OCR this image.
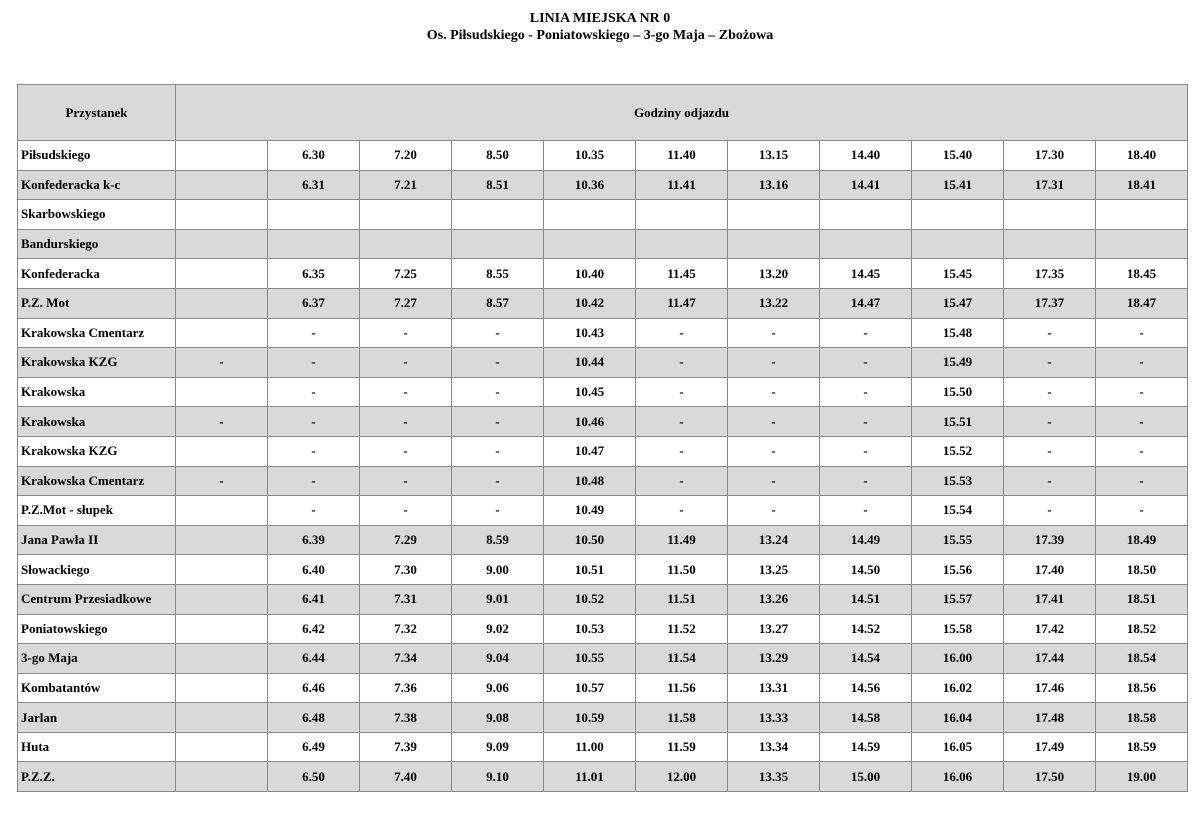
LINIA MIEJSKA NR 0
Os. Piłsudskiego - Poniatowskiego – 3-go Maja – Zbożowa
Przystanek	Godziny odjazdu										
Piłsudskiego		6.30	7.20	8.50	10.35	11.40	13.15	14.40	15.40	17.30	18.40
Konfederacka k-c		6.31	7.21	8.51	10.36	11.41	13.16	14.41	15.41	17.31	18.41
Skarbowskiego											
Bandurskiego											
Konfederacka		6.35	7.25	8.55	10.40	11.45	13.20	14.45	15.45	17.35	18.45
P.Z. Mot		6.37	7.27	8.57	10.42	11.47	13.22	14.47	15.47	17.37	18.47
Krakowska Cmentarz		-	-	-	10.43	-	-	-	15.48	-	-
Krakowska KZG	-	-	-	-	10.44	-	-	-	15.49	-	-
Krakowska		-	-	-	10.45	-	-	-	15.50	-	-
Krakowska	-	-	-	-	10.46	-	-	-	15.51	-	-
Krakowska KZG		-	-	-	10.47	-	-	-	15.52	-	-
Krakowska Cmentarz	-	-	-	-	10.48	-	-	-	15.53	-	-
P.Z.Mot - słupek		-	-	-	10.49	-	-	-	15.54	-	-
Jana Pawła II		6.39	7.29	8.59	10.50	11.49	13.24	14.49	15.55	17.39	18.49
Słowackiego		6.40	7.30	9.00	10.51	11.50	13.25	14.50	15.56	17.40	18.50
Centrum Przesiadkowe		6.41	7.31	9.01	10.52	11.51	13.26	14.51	15.57	17.41	18.51
Poniatowskiego		6.42	7.32	9.02	10.53	11.52	13.27	14.52	15.58	17.42	18.52
3-go Maja		6.44	7.34	9.04	10.55	11.54	13.29	14.54	16.00	17.44	18.54
Kombatantów		6.46	7.36	9.06	10.57	11.56	13.31	14.56	16.02	17.46	18.56
Jarlan		6.48	7.38	9.08	10.59	11.58	13.33	14.58	16.04	17.48	18.58
Huta		6.49	7.39	9.09	11.00	11.59	13.34	14.59	16.05	17.49	18.59
P.Z.Z.		6.50	7.40	9.10	11.01	12.00	13.35	15.00	16.06	17.50	19.00
